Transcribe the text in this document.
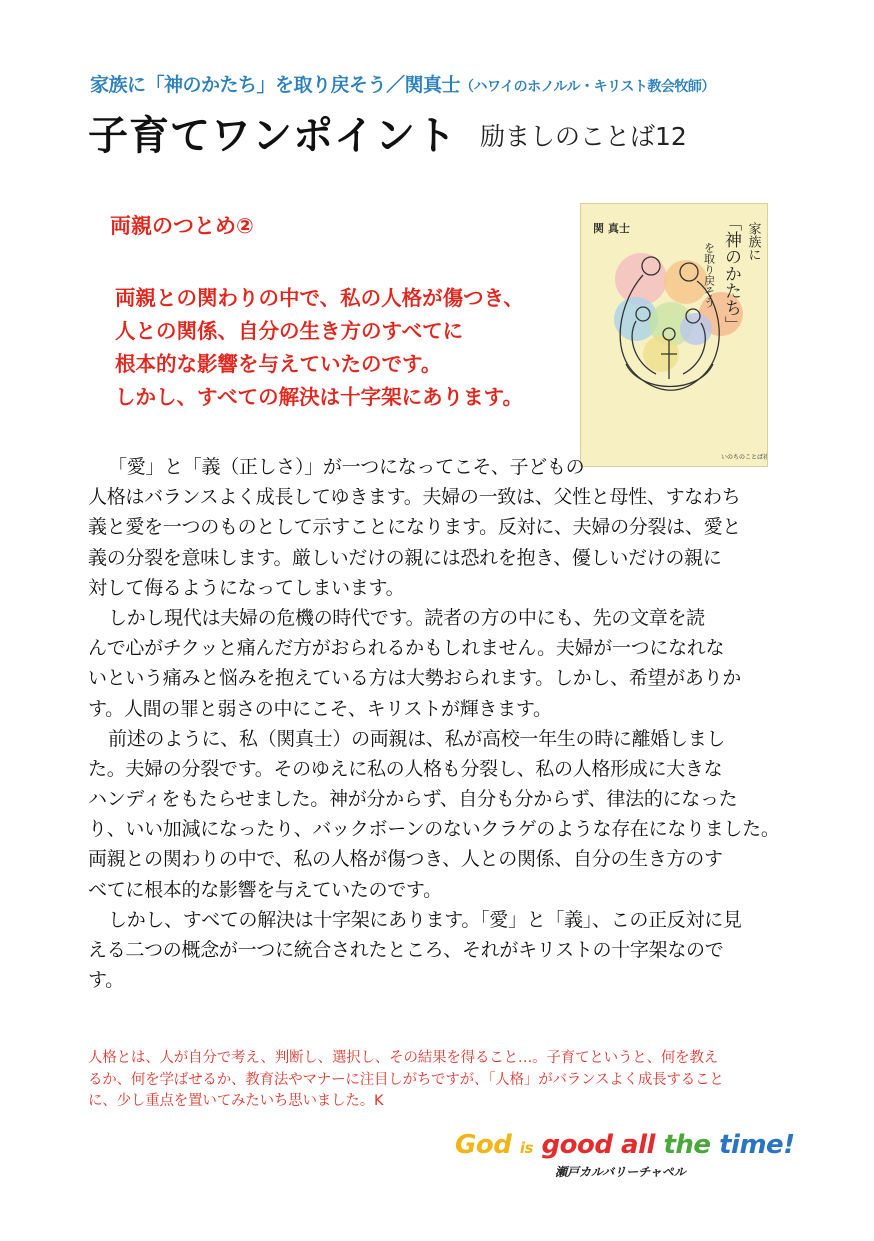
家族に「神のかたち」を取り戻そう／関真士（ハワイのホノルル・キリスト教会牧師）
子育てワンポイント 励ましのことば12
両親のつとめ②
両親との関わりの中で、私の人格が傷つき、
人との関係、自分の生き方のすべてに
根本的な影響を与えていたのです。
しかし、すべての解決は十字架にあります。
関 真士	家族に
「神のかたち」
を取り戻そう
いのちのことば社
「愛」と「義（正しさ）」が一つになってこそ、子どもの
人格はバランスよく成長してゆきます。夫婦の一致は、父性と母性、すなわち
義と愛を一つのものとして示すことになります。反対に、夫婦の分裂は、愛と
義の分裂を意味します。厳しいだけの親には恐れを抱き、優しいだけの親に
対して侮るようになってしまいます。
しかし現代は夫婦の危機の時代です。読者の方の中にも、先の文章を読
んで心がチクッと痛んだ方がおられるかもしれません。夫婦が一つになれな
いという痛みと悩みを抱えている方は大勢おられます。しかし、希望がありか
す。人間の罪と弱さの中にこそ、キリストが輝きます。
前述のように、私（関真士）の両親は、私が高校一年生の時に離婚しまし
た。夫婦の分裂です。そのゆえに私の人格も分裂し、私の人格形成に大きな
ハンディをもたらせました。神が分からず、自分も分からず、律法的になった
り、いい加減になったり、バックボーンのないクラゲのような存在になりました。
両親との関わりの中で、私の人格が傷つき、人との関係、自分の生き方のす
べてに根本的な影響を与えていたのです。
しかし、すべての解決は十字架にあります。「愛」と「義」、この正反対に見
える二つの概念が一つに統合されたところ、それがキリストの十字架なので
す。
人格とは、人が自分で考え、判断し、選択し、その結果を得ること…。子育てというと、何を教え
るか、何を学ばせるか、教育法やマナーに注目しがちですが、「人格」がバランスよく成長すること
に、少し重点を置いてみたいち思いました。K
God is good all the time!
瀬戸カルバリーチャペル
